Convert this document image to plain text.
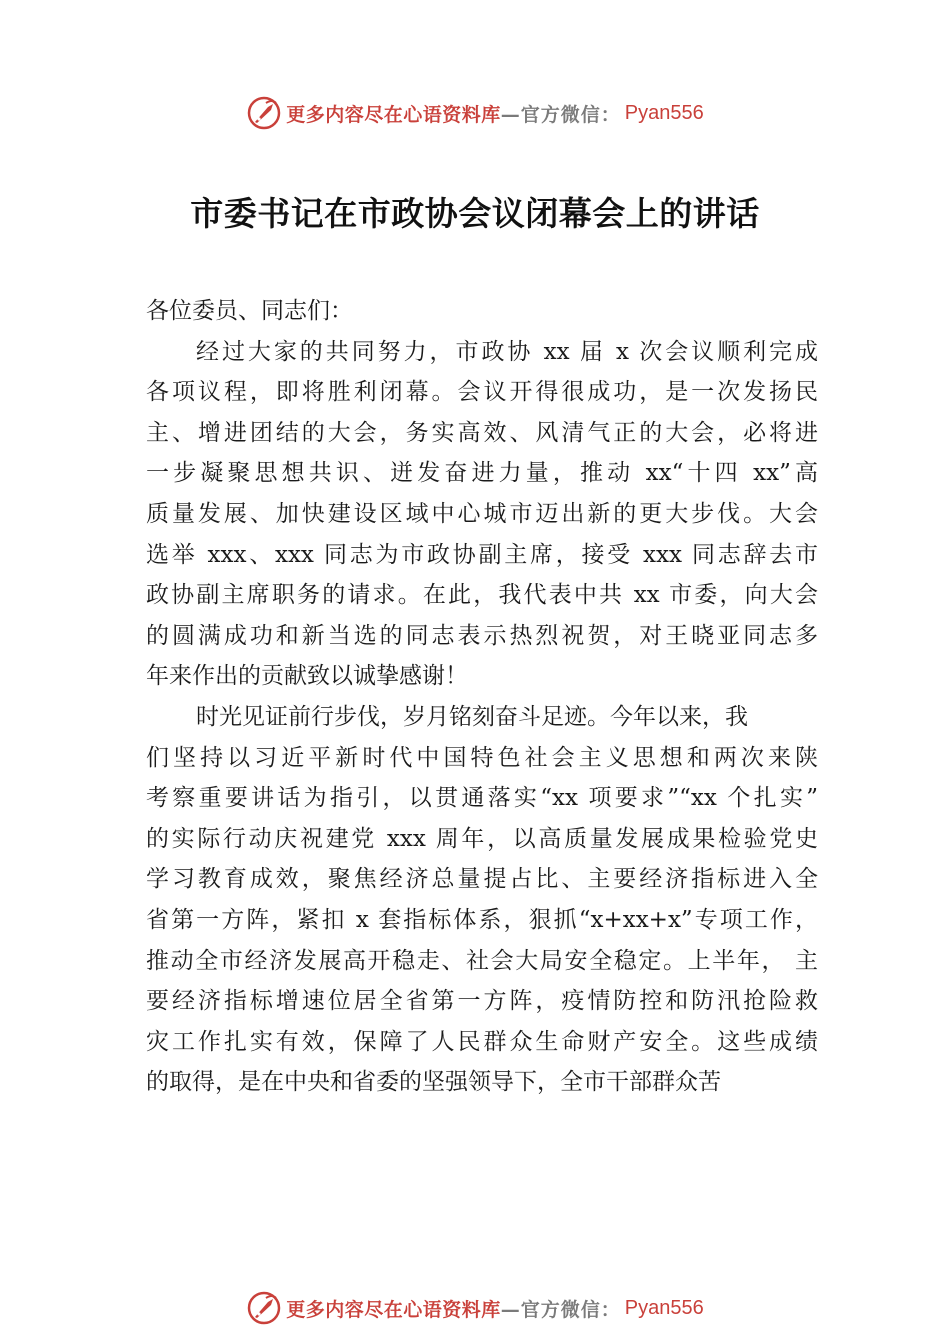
更多内容尽在心语资料库 —官方微信： Pyan556
市委书记在市政协会议闭幕会上的讲话
各位委员、同志们：
经过大家的共同努力，市政协 xx 届 x 次会议顺利完成
各项议程，即将胜利闭幕。会议开得很成功，是一次发扬民
主、增进团结的大会，务实高效、风清气正的大会，必将进
一步凝聚思想共识、迸发奋进力量，推动 xx“十四 xx”高
质量发展、加快建设区域中心城市迈出新的更大步伐。大会
选举 xxx、xxx 同志为市政协副主席，接受 xxx 同志辞去市
政协副主席职务的请求。在此，我代表中共 xx 市委，向大会
的圆满成功和新当选的同志表示热烈祝贺，对王晓亚同志多
年来作出的贡献致以诚挚感谢！
时光见证前行步伐，岁月铭刻奋斗足迹。今年以来，我
们坚持以习近平新时代中国特色社会主义思想和两次来陕
考察重要讲话为指引，以贯通落实“xx 项要求”“xx 个扎实”
的实际行动庆祝建党 xxx 周年，以高质量发展成果检验党史
学习教育成效，聚焦经济总量提占比、主要经济指标进入全
省第一方阵，紧扣 x 套指标体系，狠抓“x+xx+x”专项工作，
推动全市经济发展高开稳走、社会大局安全稳定。上半年， 主
要经济指标增速位居全省第一方阵，疫情防控和防汛抢险救
灾工作扎实有效，保障了人民群众生命财产安全。这些成绩
的取得，是在中央和省委的坚强领导下，全市干部群众苦
更多内容尽在心语资料库 —官方微信： Pyan556
